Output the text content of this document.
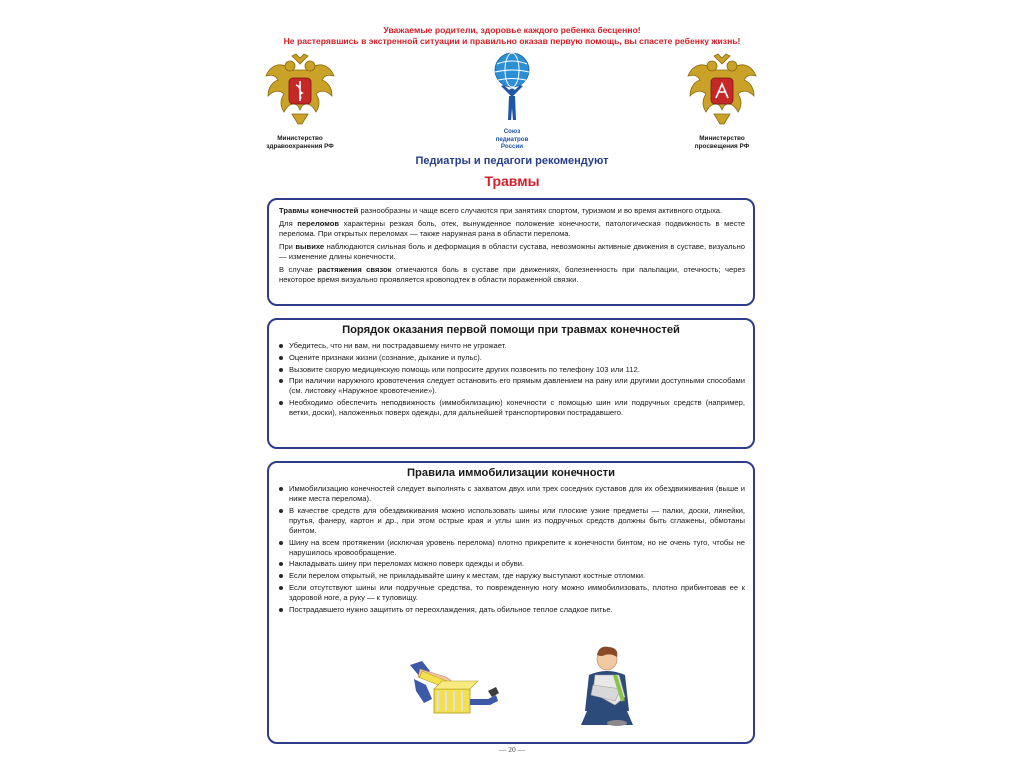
Уважаемые родители, здоровье каждого ребенка бесценно!
Не растерявшись в экстренной ситуации и правильно оказав первую помощь, вы спасете ребенку жизнь!
Министерство
здравоохранения РФ
Союз
педиатров
России
Министерство
просвещения РФ
Педиатры и педагоги рекомендуют
Травмы

Травмы конечностей разнообразны и чаще всего случаются при занятиях спортом, туризмом и во время активного отдыха.

Для переломов характерны резкая боль, отек, вынужденное положение конечности, патологическая подвижность в месте перелома. При открытых переломах — также наружная рана в области перелома.

При вывихе наблюдаются сильная боль и деформация в области сустава, невозможны активные движения в суставе, визуально — изменение длины конечности.

В случае растяжения связок отмечаются боль в суставе при движениях, болезненность при пальпации, отечность; через некоторое время визуально проявляется кровоподтек в области пораженной связки.

Порядок оказания первой помощи при травмах конечностей
Убедитесь, что ни вам, ни пострадавшему ничто не угрожает.
Оцените признаки жизни (сознание, дыхание и пульс).
Вызовите скорую медицинскую помощь или попросите других позвонить по телефону 103 или 112.
При наличии наружного кровотечения следует остановить его прямым давлением на рану или другими доступными способами (см. листовку «Наружное кровотечение»).
Необходимо обеспечить неподвижность (иммобилизацию) конечности с помощью шин или подручных средств (например, ветки, доски), наложенных поверх одежды, для дальнейшей транспортировки пострадавшего.
Правила иммобилизации конечности
Иммобилизацию конечностей следует выполнять с захватом двух или трех соседних суставов для их обездвиживания (выше и ниже места перелома).
В качестве средств для обездвиживания можно использовать шины или плоские узкие предметы — палки, доски, линейки, прутья, фанеру, картон и др., при этом острые края и углы шин из подручных средств должны быть сглажены, обмотаны бинтом.
Шину на всем протяжении (исключая уровень перелома) плотно прикрепите к конечности бинтом, но не очень туго, чтобы не нарушилось кровообращение.
Накладывать шину при переломах можно поверх одежды и обуви.
Если перелом открытый, не прикладывайте шину к местам, где наружу выступают костные отломки.
Если отсутствуют шины или подручные средства, то поврежденную ногу можно иммобилизовать, плотно прибинтовав ее к здоровой ноге, а руку — к туловищу.
Пострадавшего нужно защитить от переохлаждения, дать обильное теплое сладкое питье.
— 20 —
